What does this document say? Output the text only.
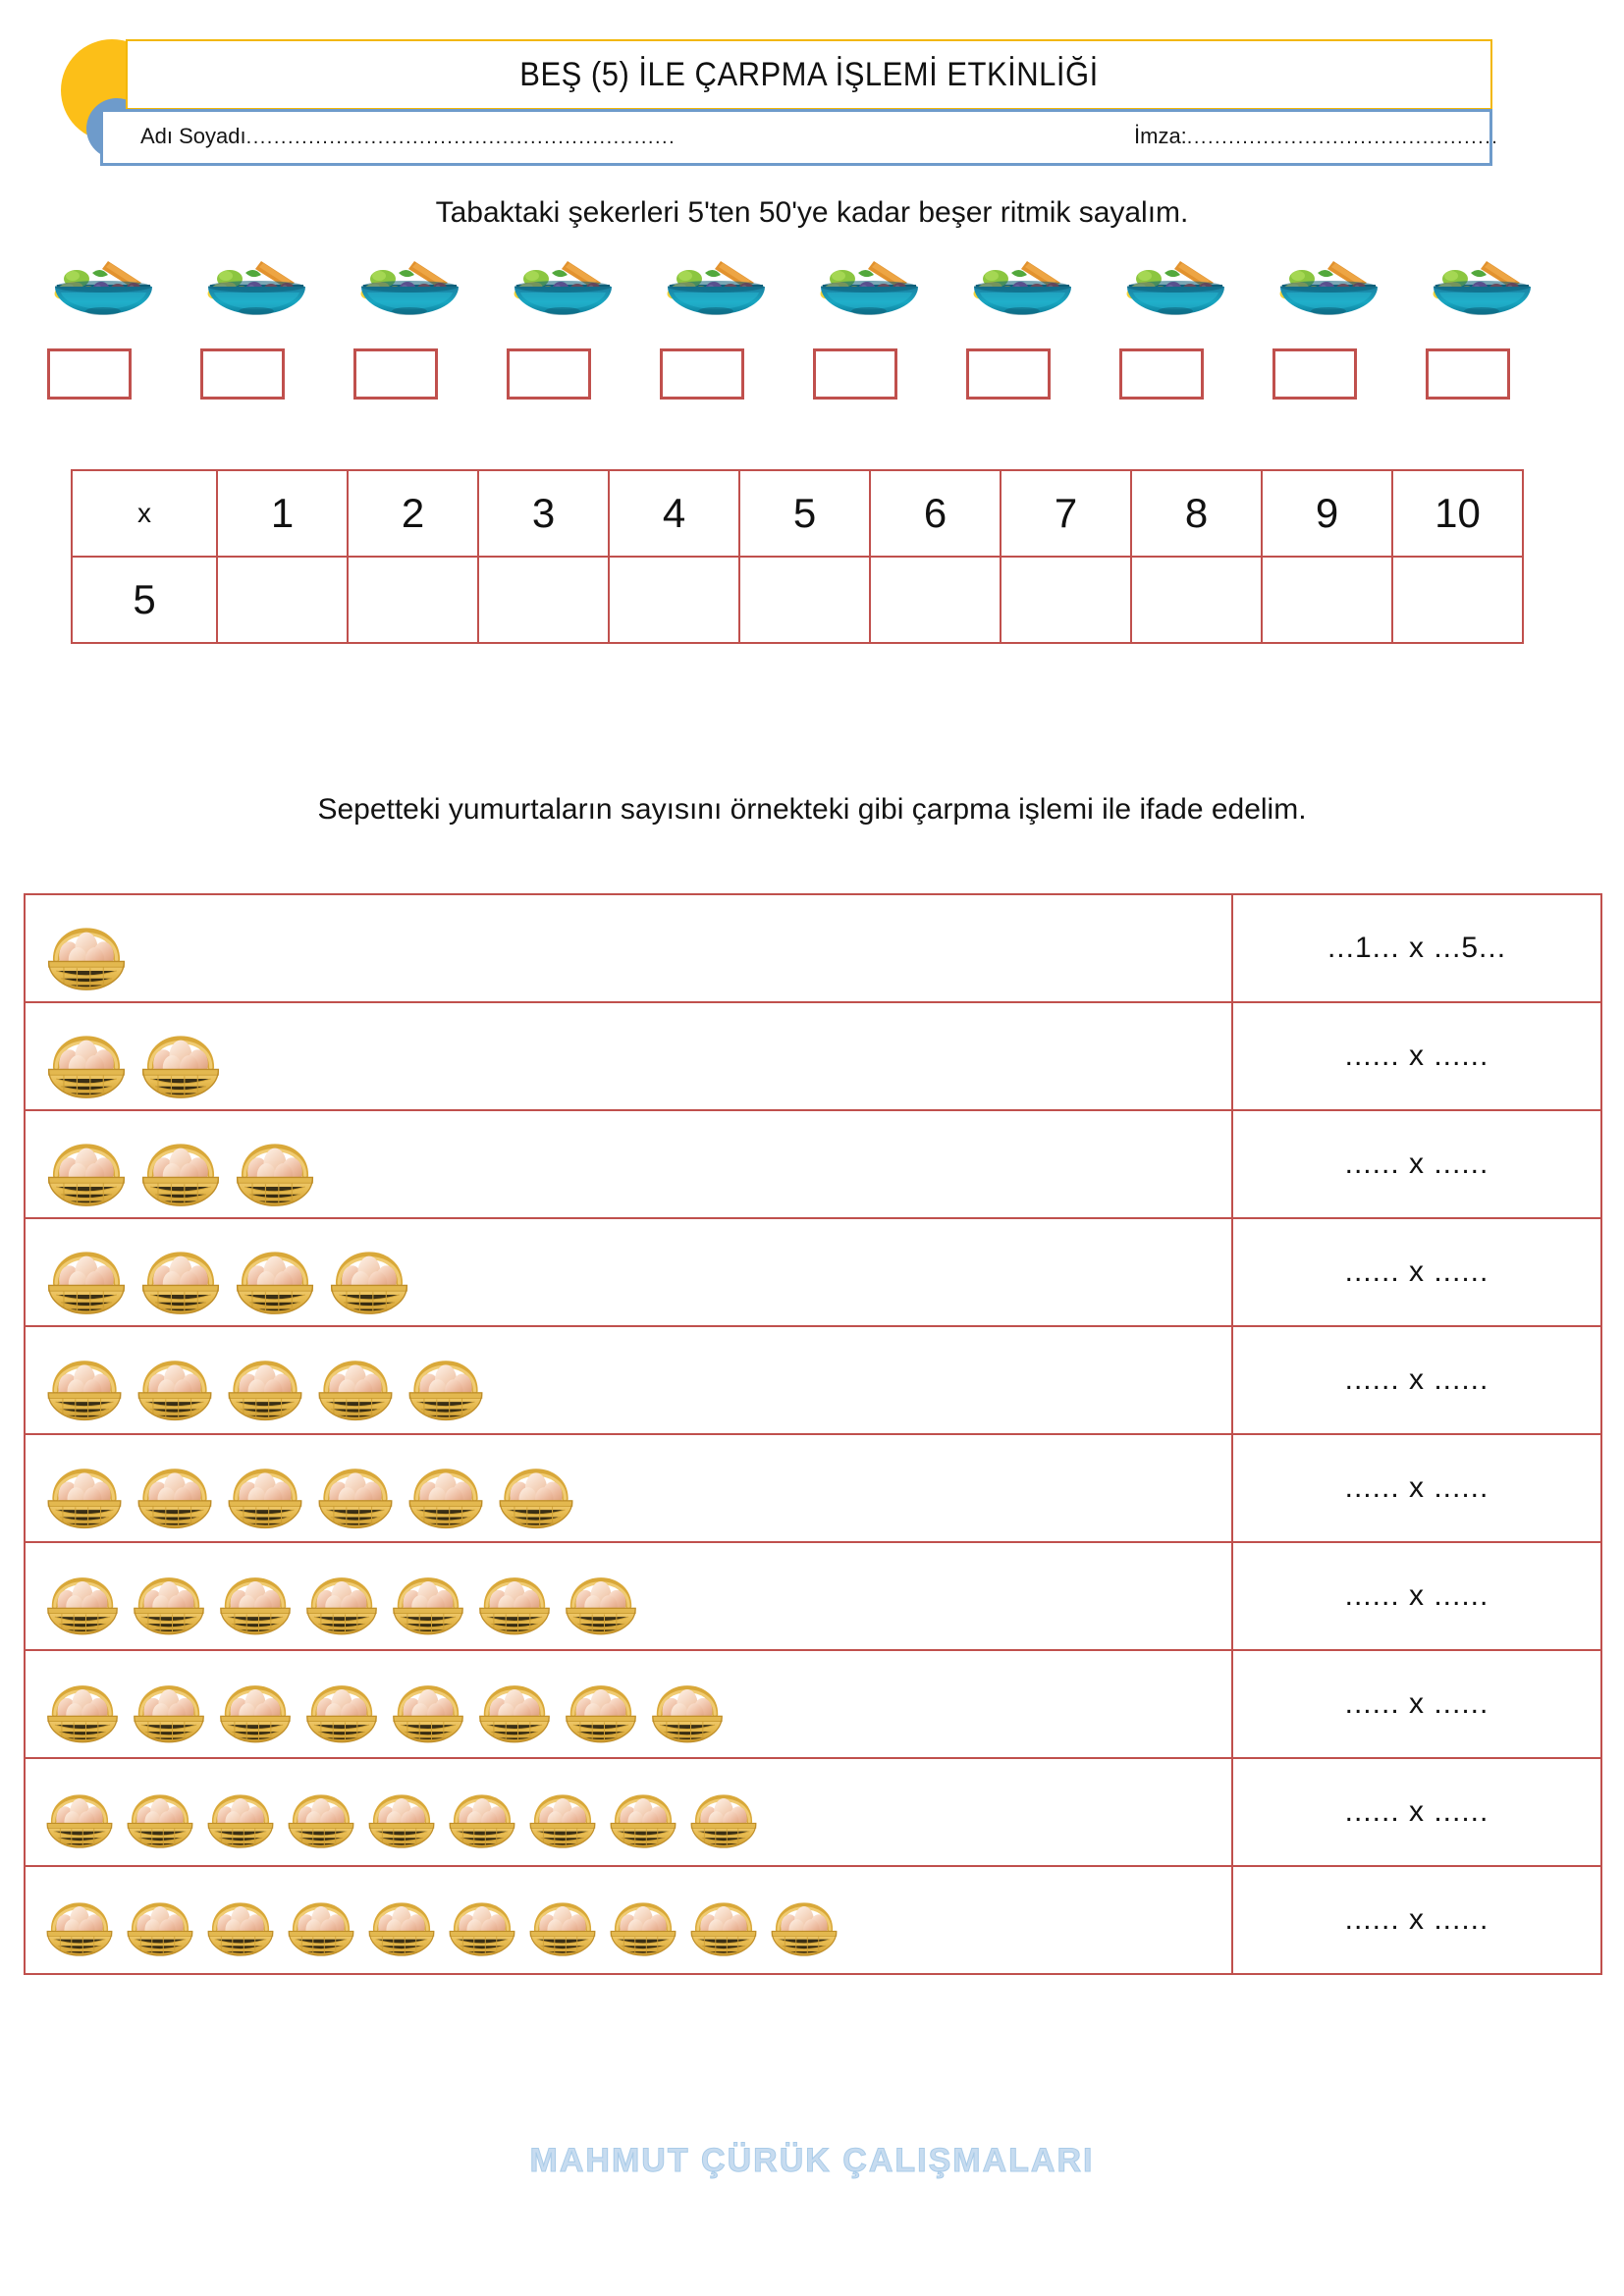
BEŞ (5) İLE ÇARPMA İŞLEMİ ETKİNLİĞİ
Adı Soyadı..............................................................	İmza:.............................................
Tabaktaki şekerleri 5'ten 50'ye kadar beşer ritmik sayalım.
x	1	2	3	4	5	6	7	8	9	10
5										
Sepetteki yumurtaların sayısını örnekteki gibi çarpma işlemi ile ifade edelim.
	...1... x ...5...

	...... x ......

	...... x ......

	...... x ......

	...... x ......

	...... x ......

	...... x ......

	...... x ......

	...... x ......

	...... x ......
MAHMUT ÇÜRÜK ÇALIŞMALARI
